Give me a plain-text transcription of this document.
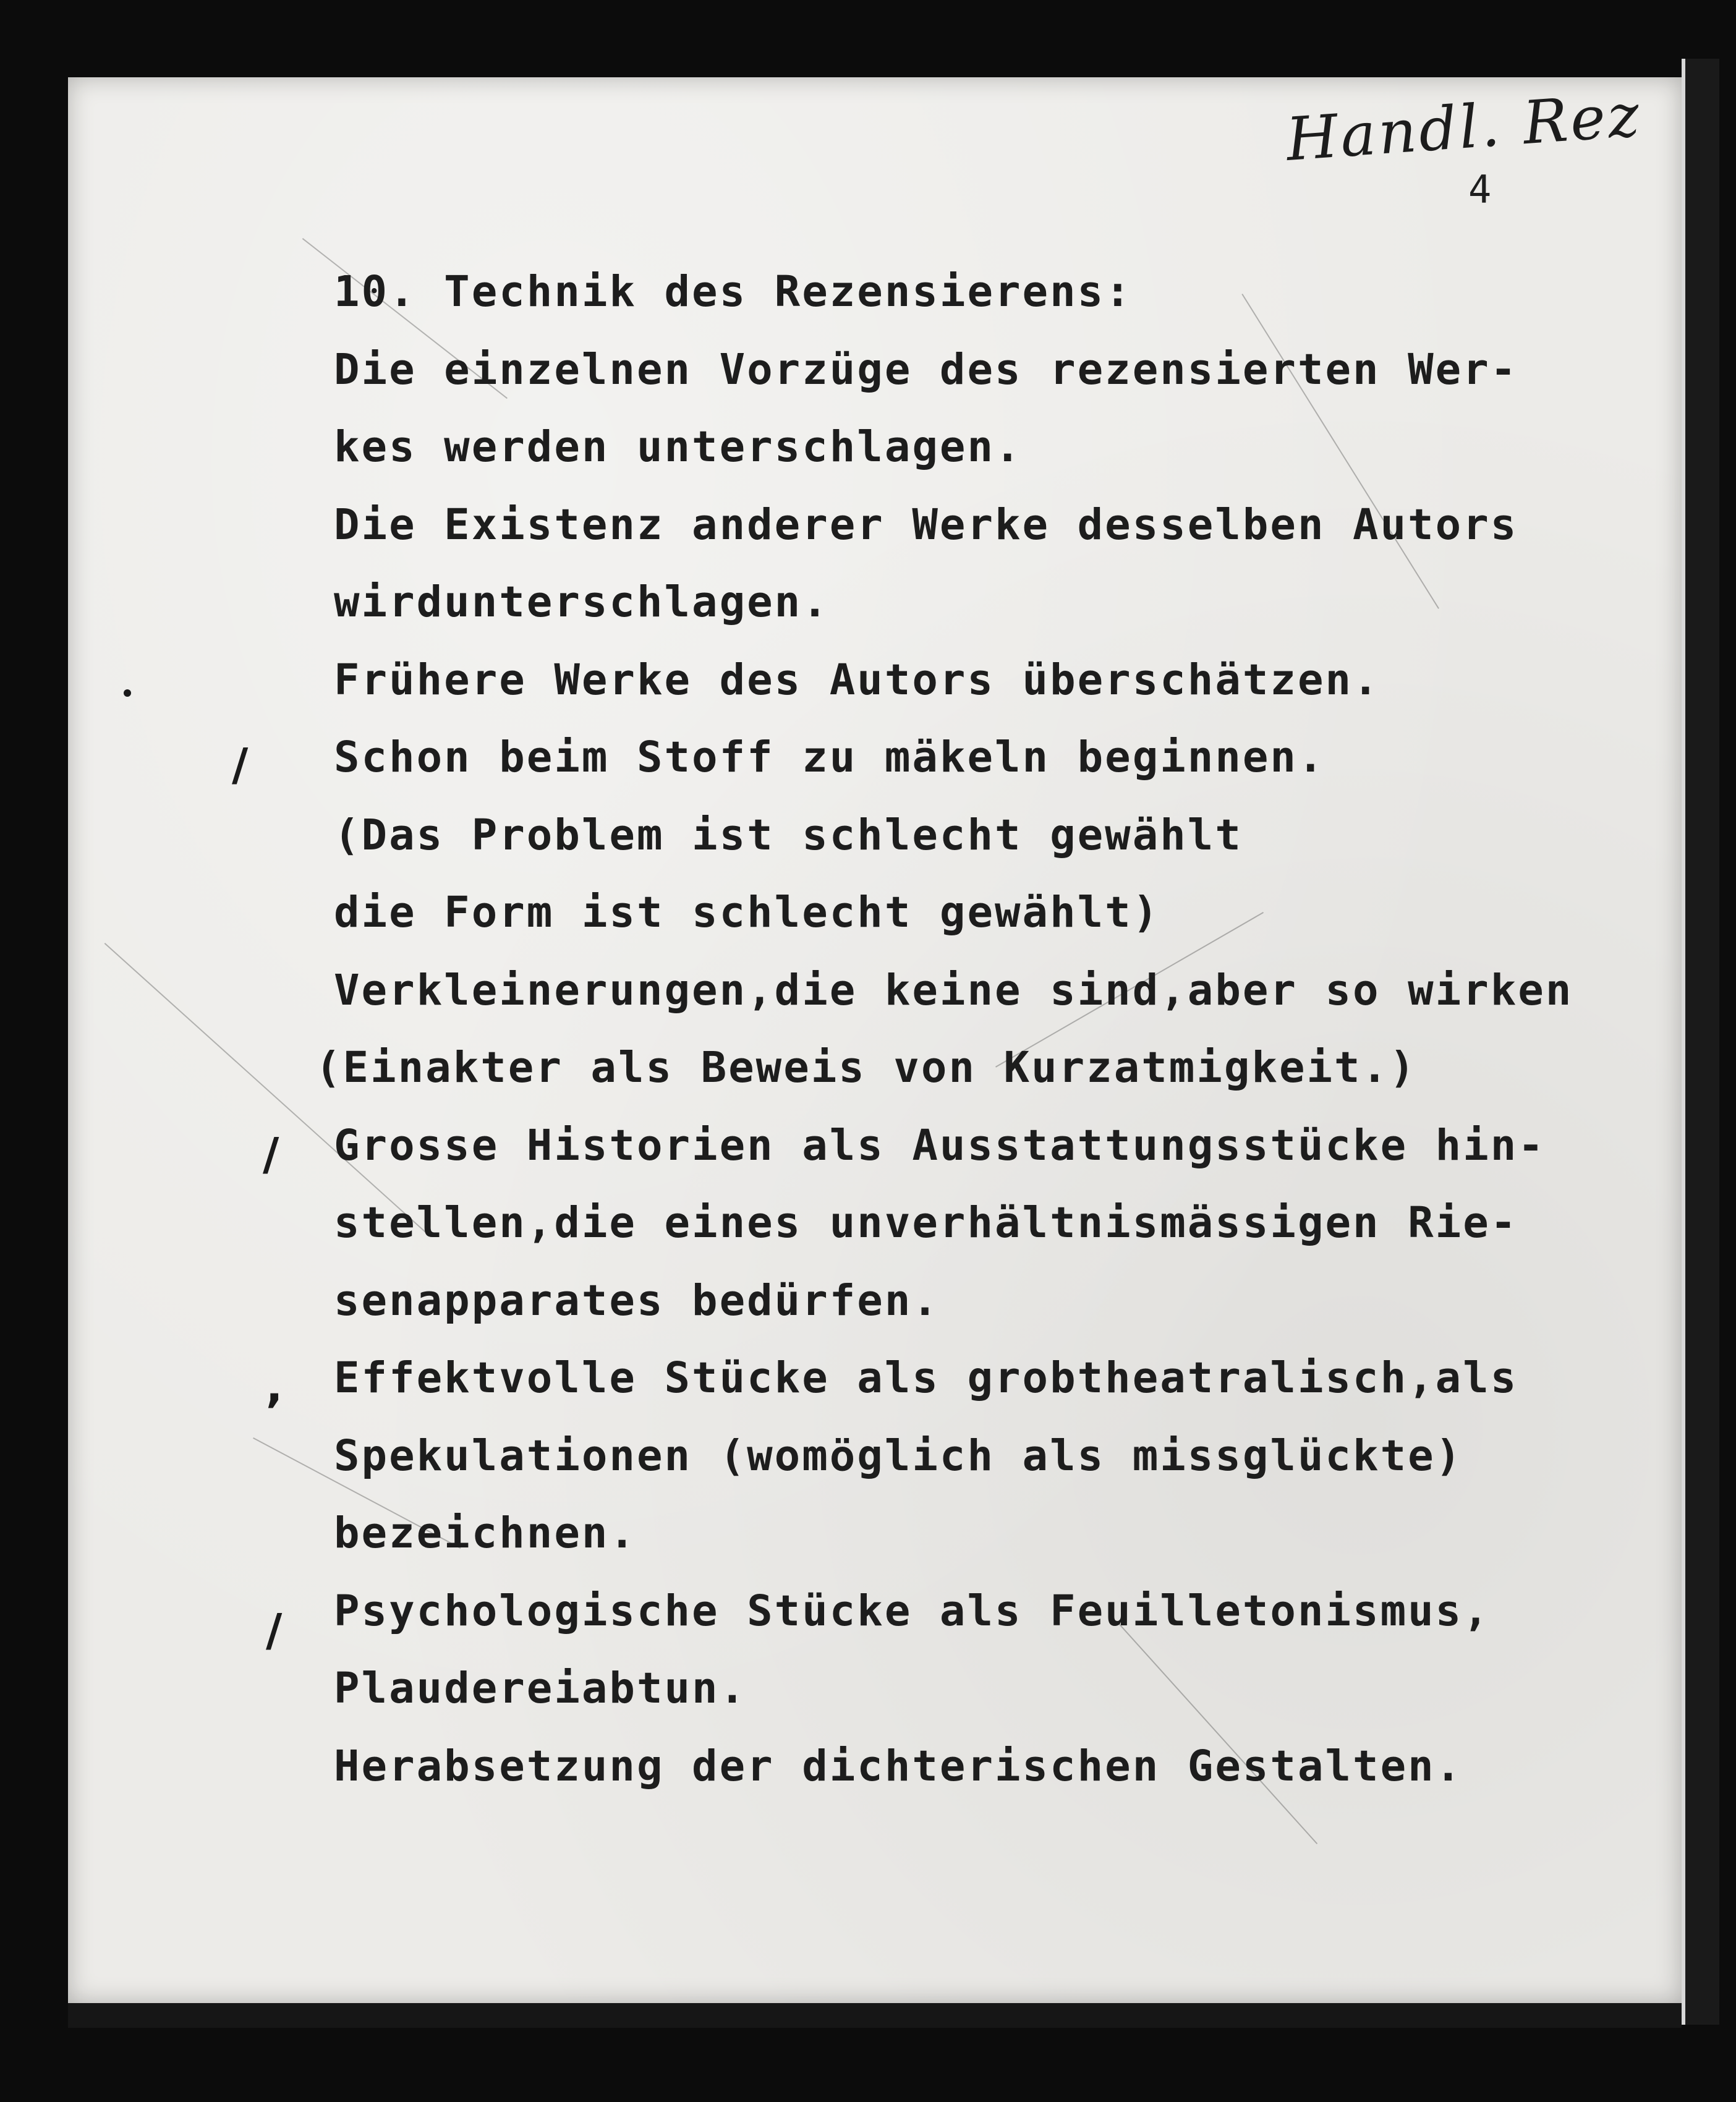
Handl. Rez
4
/
/
,
/
10. Technik des Rezensierens:
Die einzelnen Vorzüge des rezensierten Wer-
kes werden unterschlagen.
Die Existenz anderer Werke desselben Autors
wirdunterschlagen.
Frühere Werke des Autors überschätzen.
Schon beim Stoff zu mäkeln beginnen.
(Das Problem ist schlecht gewählt
die Form ist schlecht gewählt)
Verkleinerungen,die keine sind,aber so wirken
(Einakter als Beweis von Kurzatmigkeit.)
Grosse Historien als Ausstattungsstücke hin-
stellen,die eines unverhältnismässigen Rie-
senapparates bedürfen.
Effektvolle Stücke als grobtheatralisch,als
Spekulationen (womöglich als missglückte)
bezeichnen.
Psychologische Stücke als Feuilletonismus,
Plaudereiabtun.
Herabsetzung der dichterischen Gestalten.
